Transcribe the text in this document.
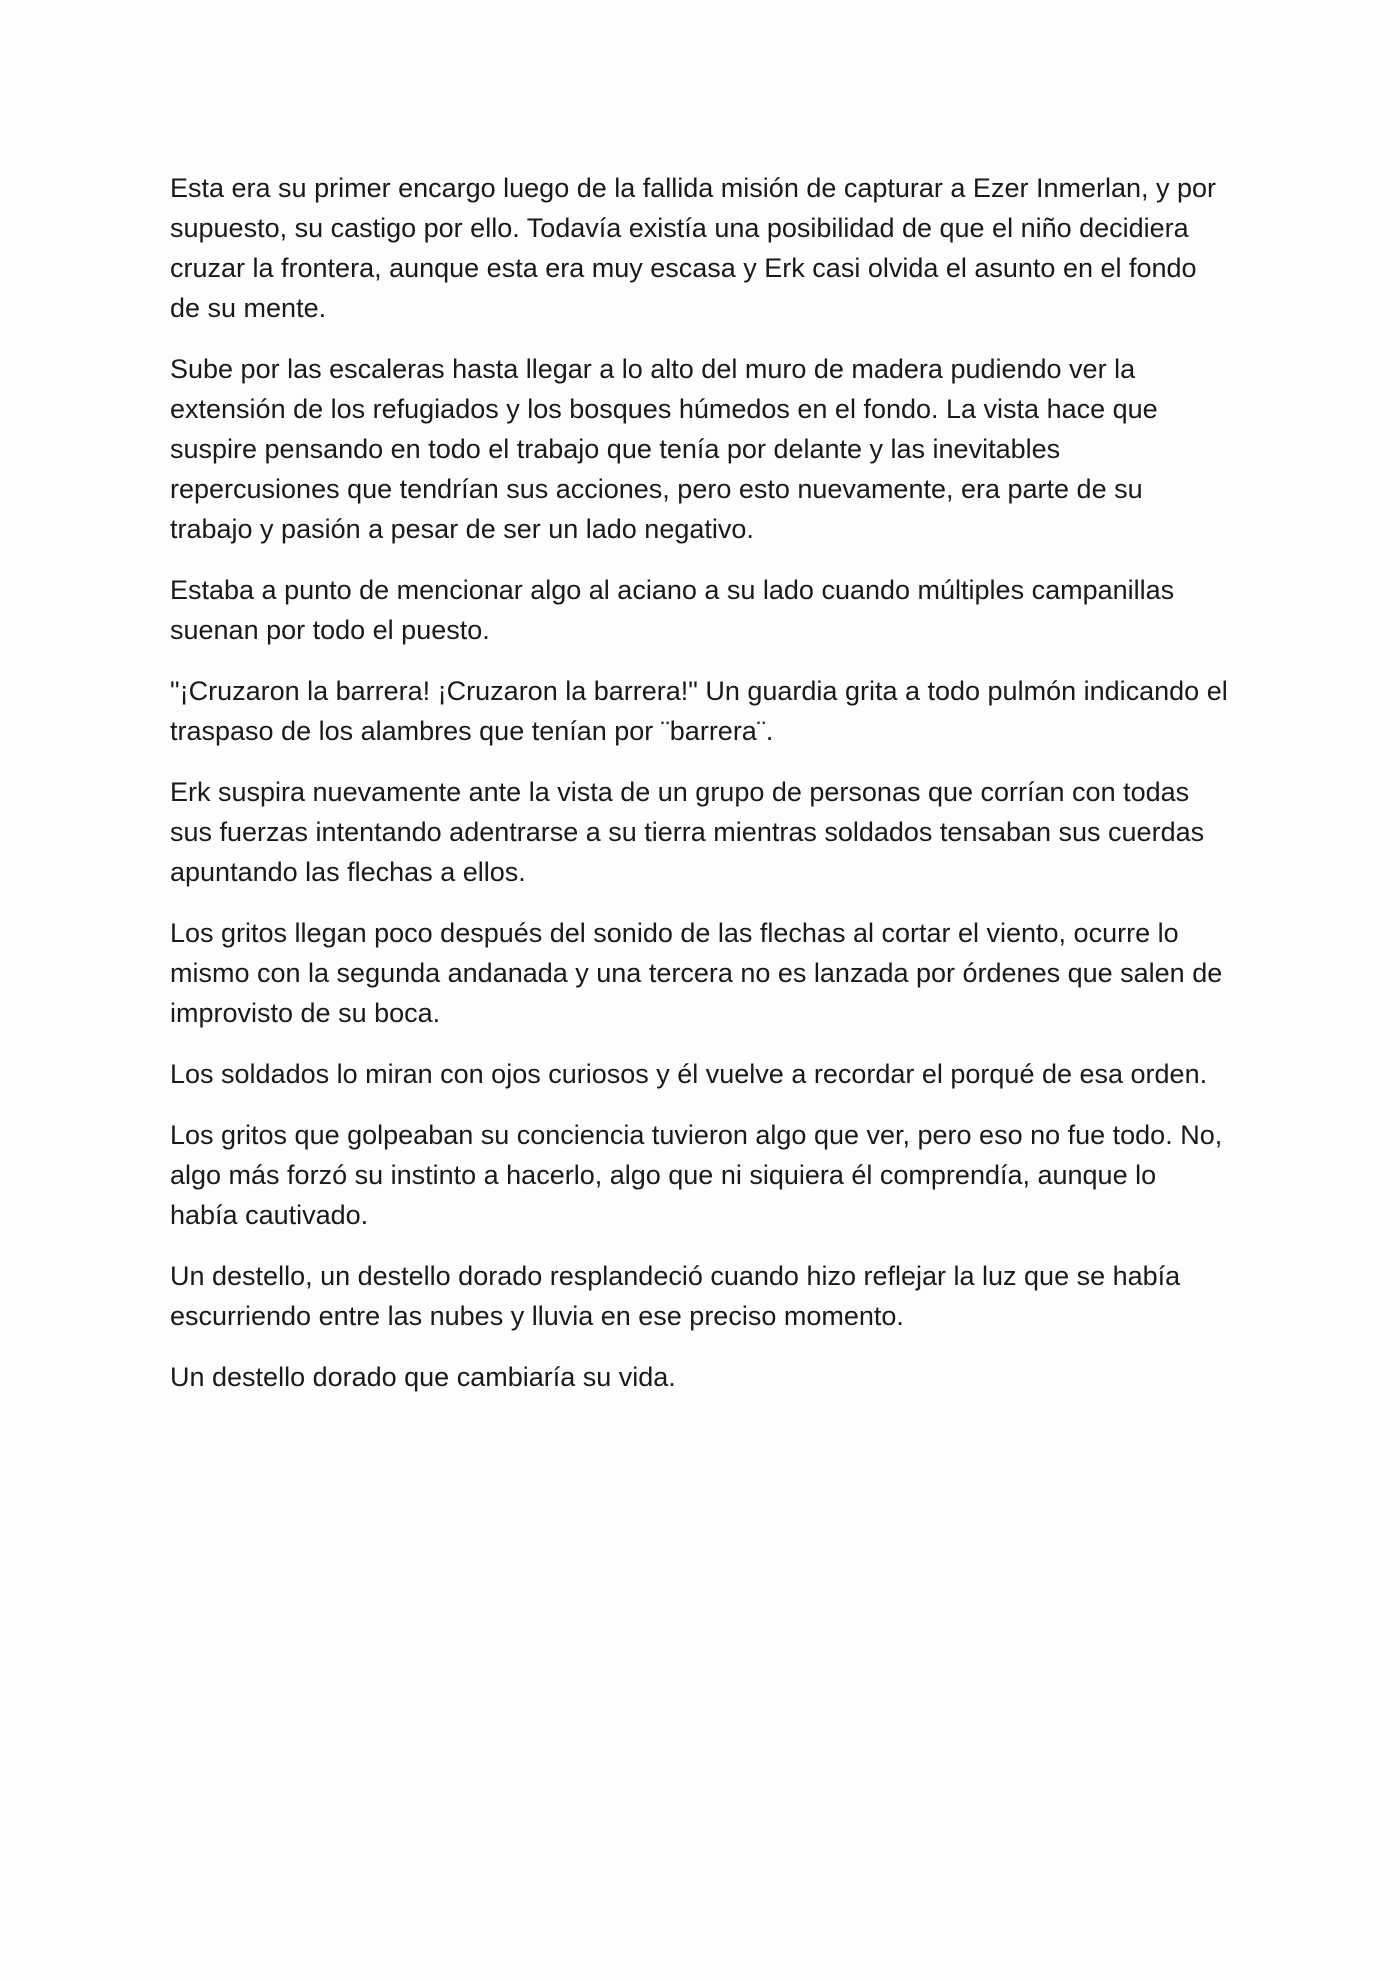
Esta era su primer encargo luego de la fallida misión de capturar a Ezer Inmerlan, y por supuesto, su castigo por ello. Todavía existía una posibilidad de que el niño decidiera cruzar la frontera, aunque esta era muy escasa y Erk casi olvida el asunto en el fondo de su mente.

Sube por las escaleras hasta llegar a lo alto del muro de madera pudiendo ver la extensión de los refugiados y los bosques húmedos en el fondo. La vista hace que suspire pensando en todo el trabajo que tenía por delante y las inevitables repercusiones que tendrían sus acciones, pero esto nuevamente, era parte de su trabajo y pasión a pesar de ser un lado negativo.

Estaba a punto de mencionar algo al aciano a su lado cuando múltiples campanillas suenan por todo el puesto.

"¡Cruzaron la barrera! ¡Cruzaron la barrera!" Un guardia grita a todo pulmón indicando el traspaso de los alambres que tenían por ¨barrera¨.

Erk suspira nuevamente ante la vista de un grupo de personas que corrían con todas sus fuerzas intentando adentrarse a su tierra mientras soldados tensaban sus cuerdas apuntando las flechas a ellos.

Los gritos llegan poco después del sonido de las flechas al cortar el viento, ocurre lo mismo con la segunda andanada y una tercera no es lanzada por órdenes que salen de improvisto de su boca.

Los soldados lo miran con ojos curiosos y él vuelve a recordar el porqué de esa orden.

Los gritos que golpeaban su conciencia tuvieron algo que ver, pero eso no fue todo. No, algo más forzó su instinto a hacerlo, algo que ni siquiera él comprendía, aunque lo había cautivado.

Un destello, un destello dorado resplandeció cuando hizo reflejar la luz que se había escurriendo entre las nubes y lluvia en ese preciso momento.

Un destello dorado que cambiaría su vida.
